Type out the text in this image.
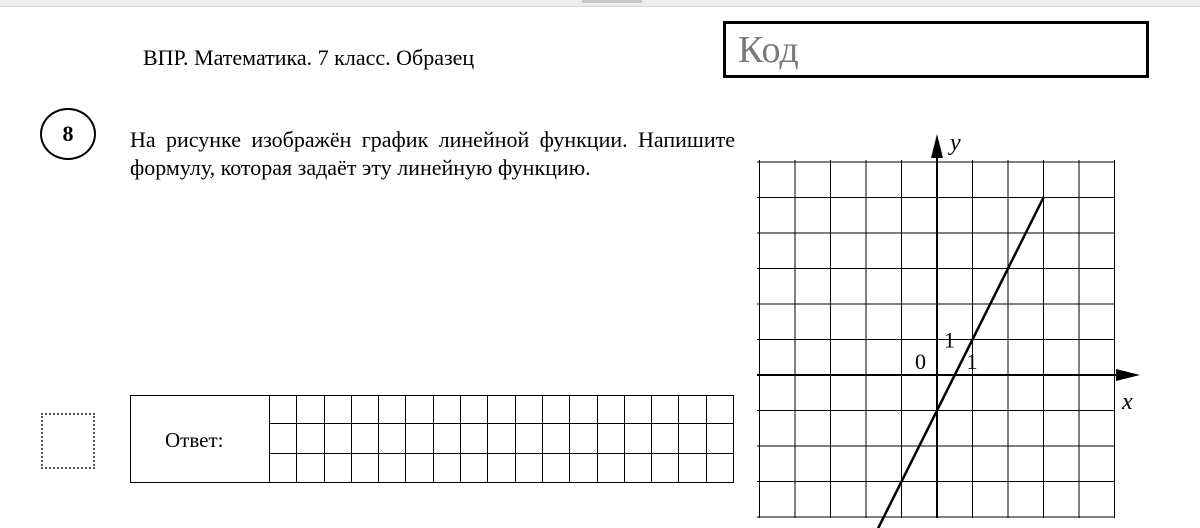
ВПР. Математика. 7 класс. Образец	Код
8	На рисунке изображён график линейной функции. Напишите формулу, которая задаёт эту линейную функцию.
Ответ:
x
y
0 1
1
